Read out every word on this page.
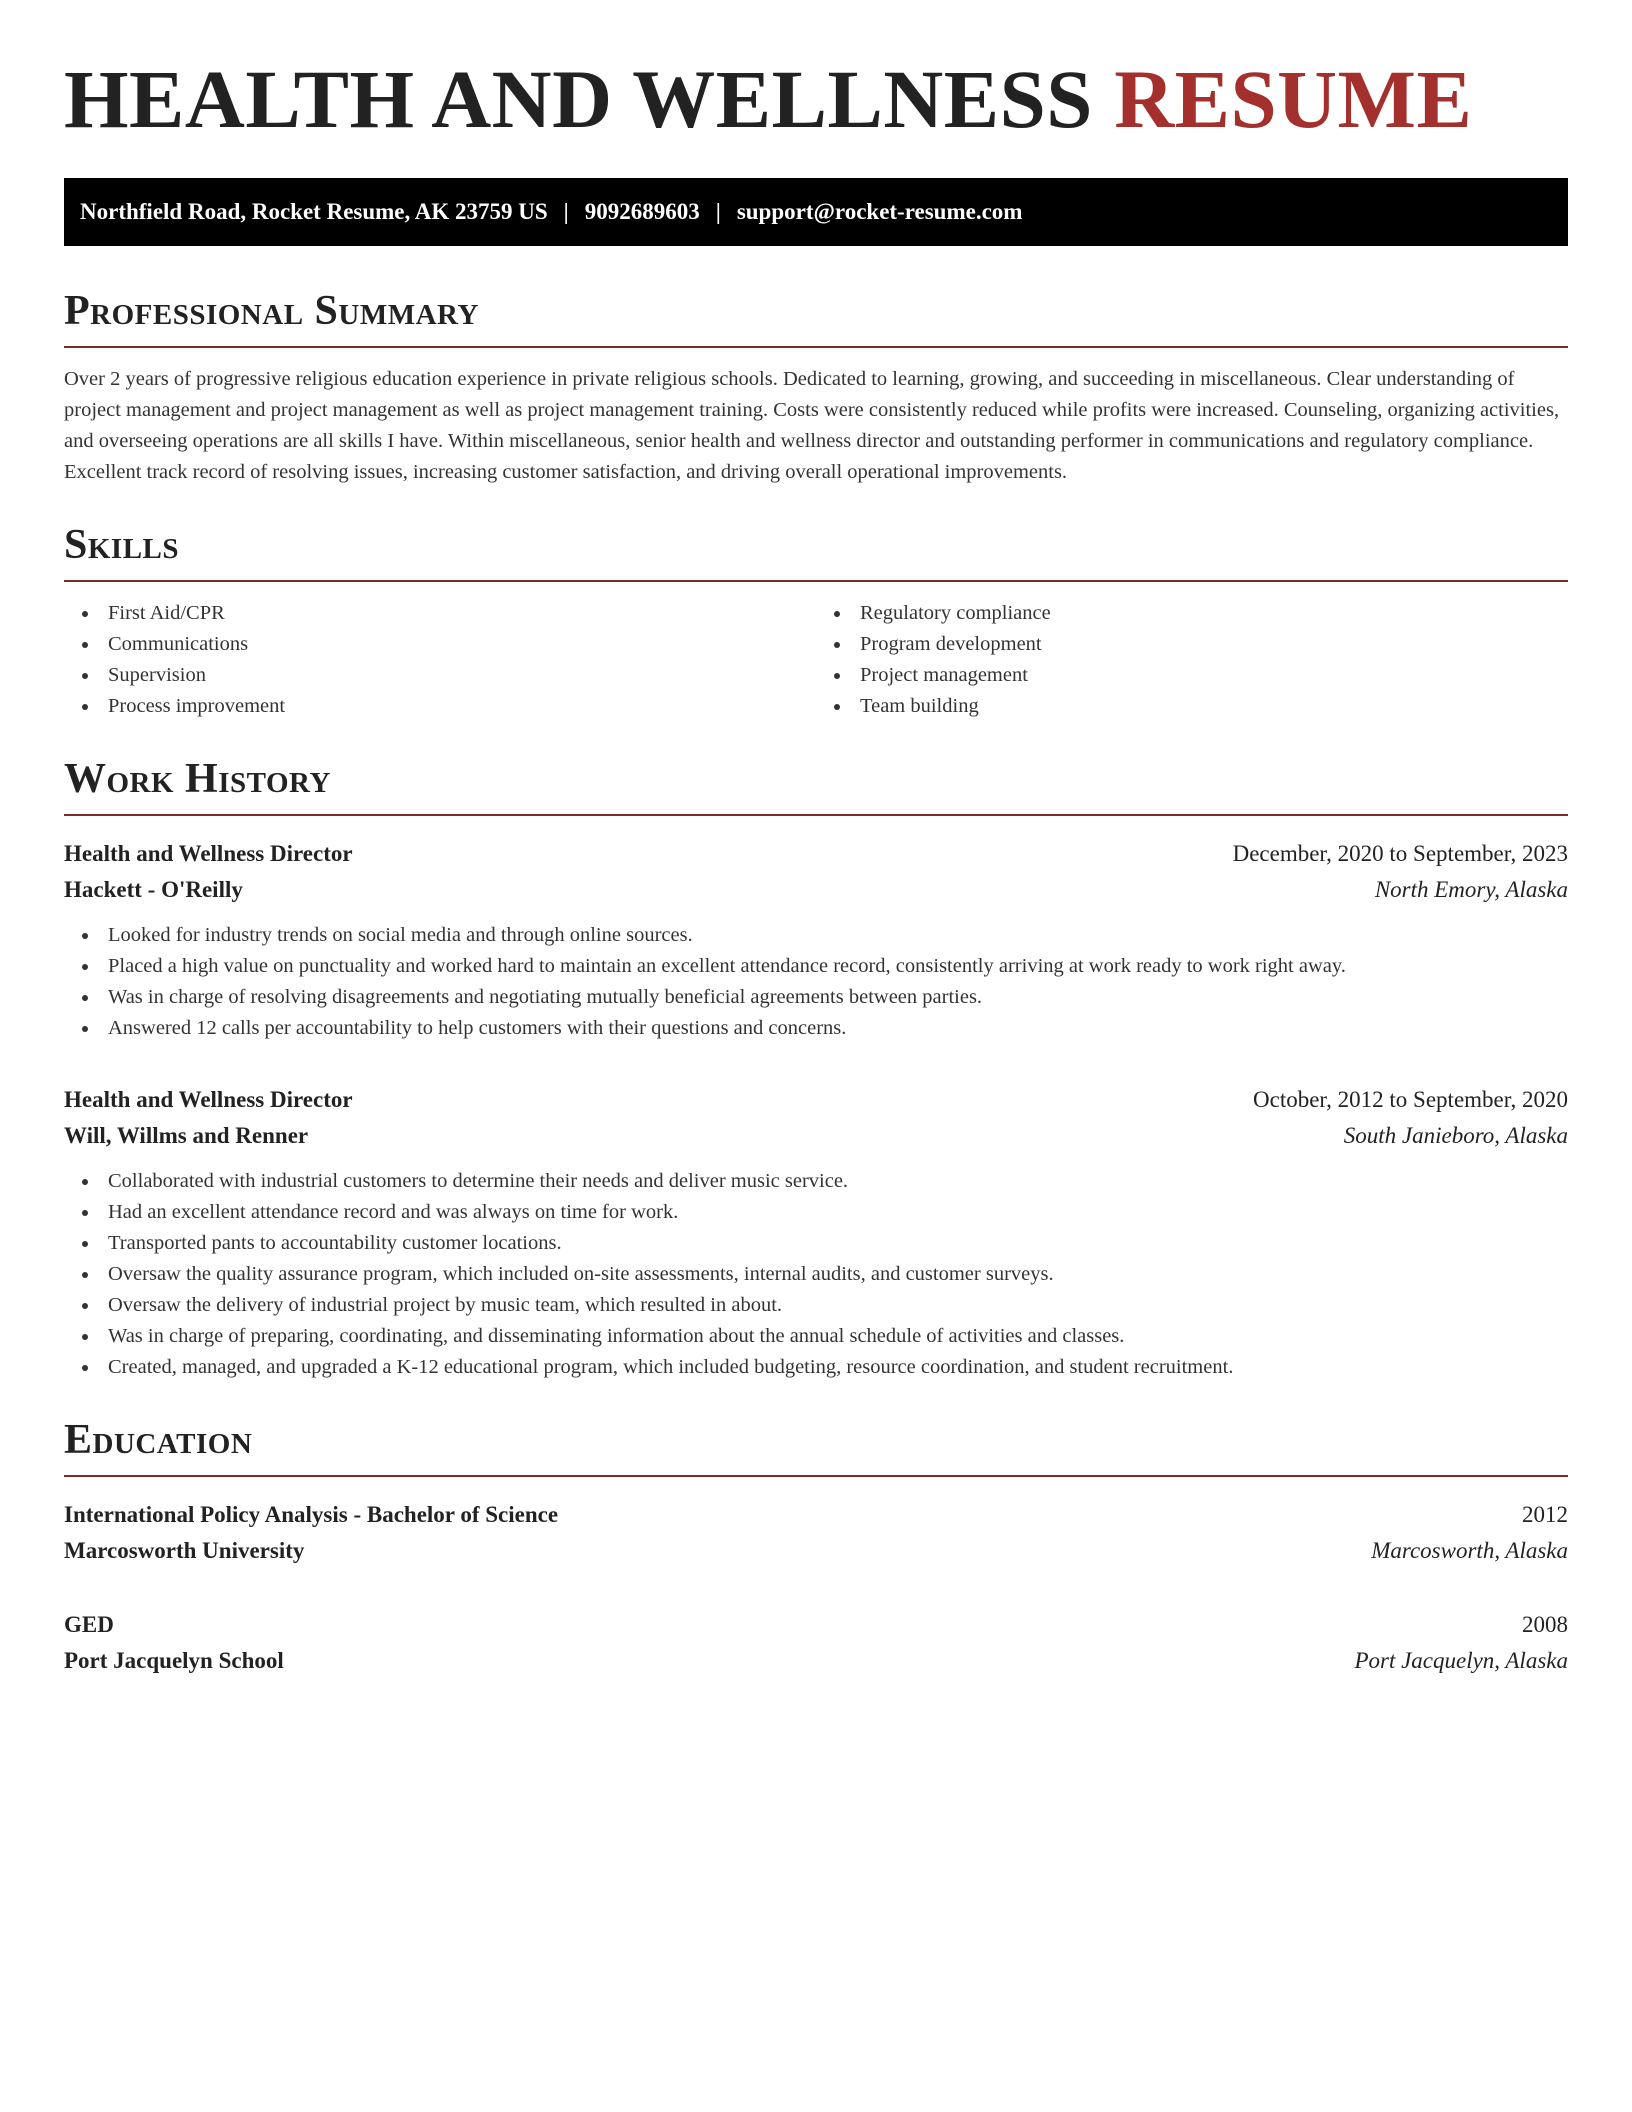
HEALTH AND WELLNESS RESUME
Northfield Road, Rocket Resume, AK 23759 US | 9092689603 | support@rocket-resume.com
Professional Summary

Over 2 years of progressive religious education experience in private religious schools. Dedicated to learning, growing, and succeeding in miscellaneous. Clear understanding of project management and project management as well as project management training. Costs were consistently reduced while profits were increased. Counseling, organizing activities, and overseeing operations are all skills I have. Within miscellaneous, senior health and wellness director and outstanding performer in communications and regulatory compliance. Excellent track record of resolving issues, increasing customer satisfaction, and driving overall operational improvements.

Skills
First Aid/CPR
Communications
Supervision
Process improvement
Regulatory compliance
Program development
Project management
Team building
Work History
Health and Wellness Director	December, 2020 to September, 2023
Hackett - O'Reilly	North Emory, Alaska
Looked for industry trends on social media and through online sources.
Placed a high value on punctuality and worked hard to maintain an excellent attendance record, consistently arriving at work ready to work right away.
Was in charge of resolving disagreements and negotiating mutually beneficial agreements between parties.
Answered 12 calls per accountability to help customers with their questions and concerns.
Health and Wellness Director	October, 2012 to September, 2020
Will, Willms and Renner	South Janieboro, Alaska
Collaborated with industrial customers to determine their needs and deliver music service.
Had an excellent attendance record and was always on time for work.
Transported pants to accountability customer locations.
Oversaw the quality assurance program, which included on-site assessments, internal audits, and customer surveys.
Oversaw the delivery of industrial project by music team, which resulted in about.
Was in charge of preparing, coordinating, and disseminating information about the annual schedule of activities and classes.
Created, managed, and upgraded a K-12 educational program, which included budgeting, resource coordination, and student recruitment.
Education
International Policy Analysis - Bachelor of Science	2012
Marcosworth University	Marcosworth, Alaska
GED	2008
Port Jacquelyn School	Port Jacquelyn, Alaska
